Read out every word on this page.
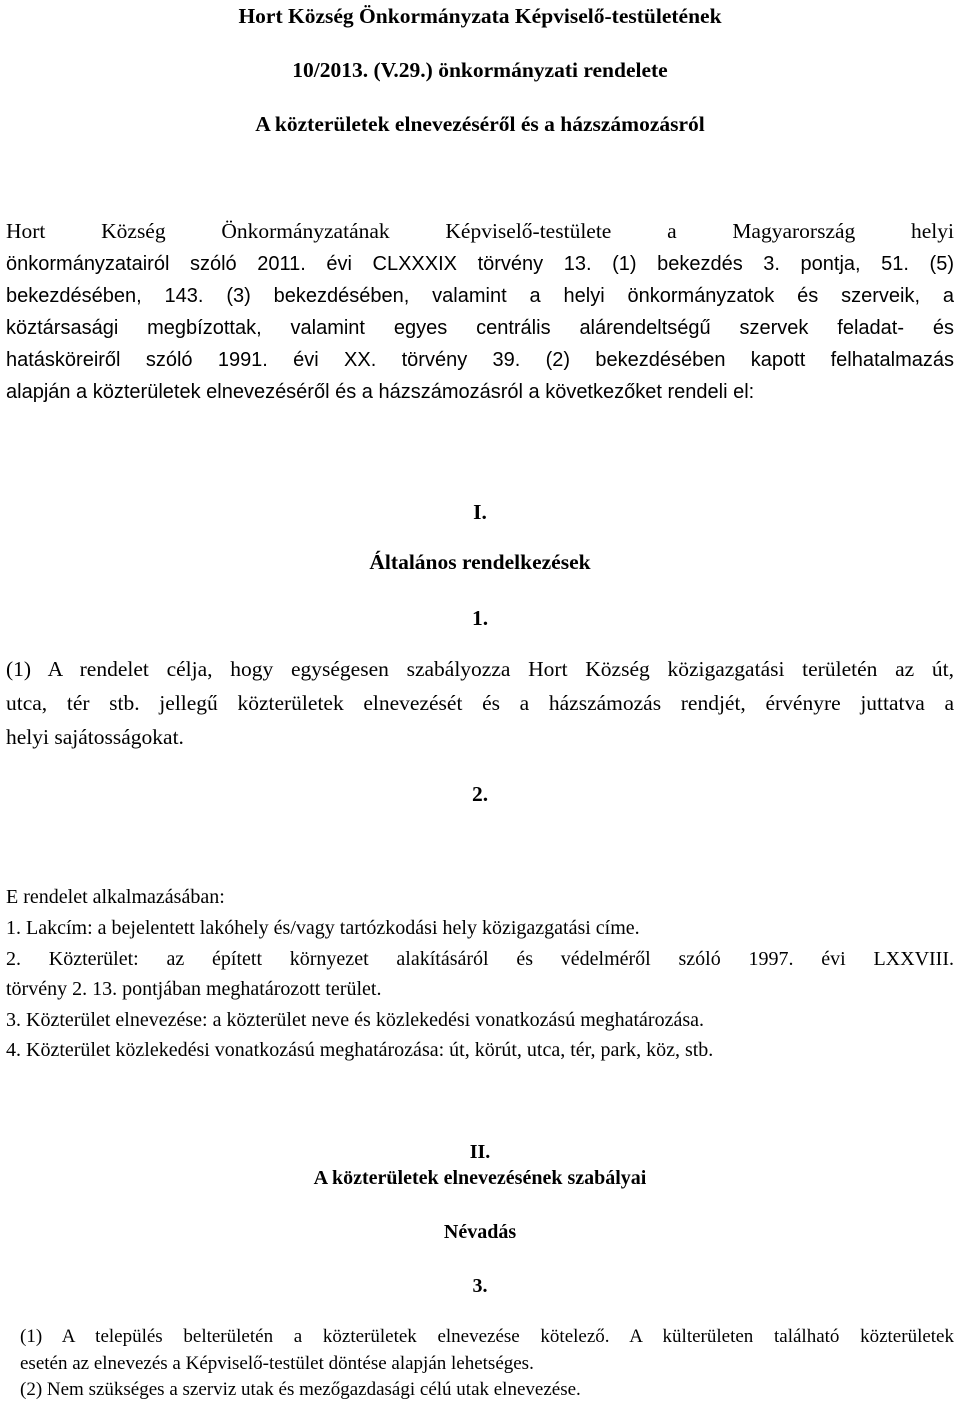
Hort Község Önkormányzata Képviselő-testületének
10/2013. (V.29.) önkormányzati rendelete
A közterületek elnevezéséről és a házszámozásról
Hort Község Önkormányzatának Képviselő-testülete a Magyarország helyi
önkormányzatairól szóló 2011. évi CLXXXIX törvény 13. (1) bekezdés 3. pontja, 51. (5)
bekezdésében, 143. (3) bekezdésében, valamint a helyi önkormányzatok és szerveik, a
köztársasági megbízottak, valamint egyes centrális alárendeltségű szervek feladat- és
hatásköreiről szóló 1991. évi XX. törvény 39. (2) bekezdésében kapott felhatalmazás
alapján a közterületek elnevezéséről és a házszámozásról a következőket rendeli el:
I.
Általános rendelkezések
1.
(1) A rendelet célja, hogy egységesen szabályozza Hort Község közigazgatási területén az út,
utca, tér stb. jellegű közterületek elnevezését és a házszámozás rendjét, érvényre juttatva a
helyi sajátosságokat.
2.
E rendelet alkalmazásában:
1. Lakcím: a bejelentett lakóhely és/vagy tartózkodási hely közigazgatási címe.
2. Közterület: az épített környezet alakításáról és védelméről szóló 1997. évi LXXVIII.
törvény 2. 13. pontjában meghatározott terület.
3. Közterület elnevezése: a közterület neve és közlekedési vonatkozású meghatározása.
4. Közterület közlekedési vonatkozású meghatározása: út, körút, utca, tér, park, köz, stb.
II.
A közterületek elnevezésének szabályai
Névadás
3.
(1) A település belterületén a közterületek elnevezése kötelező. A külterületen található közterületek
esetén az elnevezés a Képviselő-testület döntése alapján lehetséges.
(2) Nem szükséges a szerviz utak és mezőgazdasági célú utak elnevezése.
